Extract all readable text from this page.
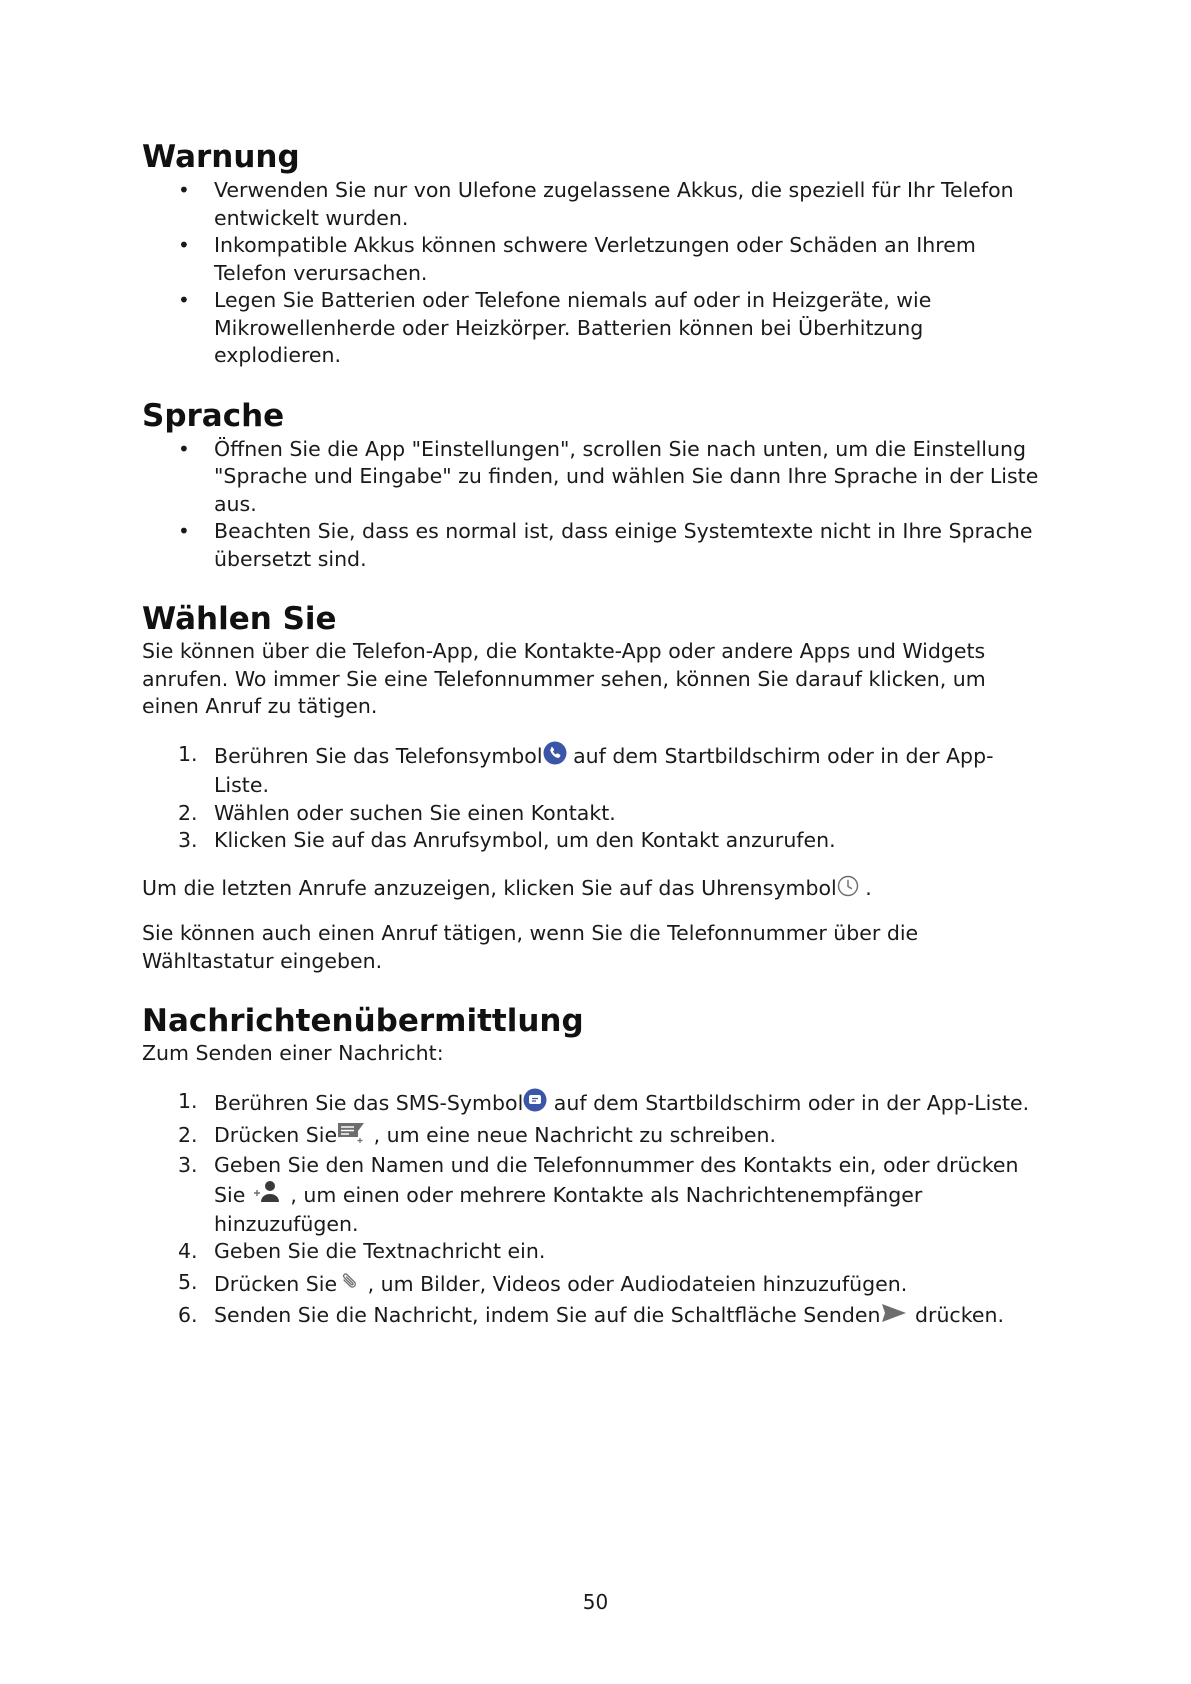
Warnung
• Verwenden Sie nur von Ulefone zugelassene Akkus, die speziell für Ihr Telefon entwickelt wurden.
• Inkompatible Akkus können schwere Verletzungen oder Schäden an Ihrem Telefon verursachen.
• Legen Sie Batterien oder Telefone niemals auf oder in Heizgeräte, wie Mikrowellenherde oder Heizkörper. Batterien können bei Überhitzung explodieren.
Sprache
• Öffnen Sie die App "Einstellungen", scrollen Sie nach unten, um die Einstellung "Sprache und Eingabe" zu finden, und wählen Sie dann Ihre Sprache in der Liste aus.
• Beachten Sie, dass es normal ist, dass einige Systemtexte nicht in Ihre Sprache übersetzt sind.
Wählen Sie

Sie können über die Telefon-App, die Kontakte-App oder andere Apps und Widgets anrufen. Wo immer Sie eine Telefonnummer sehen, können Sie darauf klicken, um einen Anruf zu tätigen.

1. Berühren Sie das Telefonsymbol auf dem Startbildschirm oder in der App-Liste.
2. Wählen oder suchen Sie einen Kontakt.
3. Klicken Sie auf das Anrufsymbol, um den Kontakt anzurufen.

Um die letzten Anrufe anzuzeigen, klicken Sie auf das Uhrensymbol .

Sie können auch einen Anruf tätigen, wenn Sie die Telefonnummer über die Wähltastatur eingeben.

Nachrichtenübermittlung

Zum Senden einer Nachricht:

1. Berühren Sie das SMS-Symbol auf dem Startbildschirm oder in der App-Liste.
2. Drücken Sie , um eine neue Nachricht zu schreiben.
3. Geben Sie den Namen und die Telefonnummer des Kontakts ein, oder drücken Sie  , um einen oder mehrere Kontakte als Nachrichtenempfänger hinzuzufügen.
4. Geben Sie die Textnachricht ein.
5. Drücken Sie , um Bilder, Videos oder Audiodateien hinzuzufügen.
6. Senden Sie die Nachricht, indem Sie auf die Schaltfläche Senden drücken.
50
